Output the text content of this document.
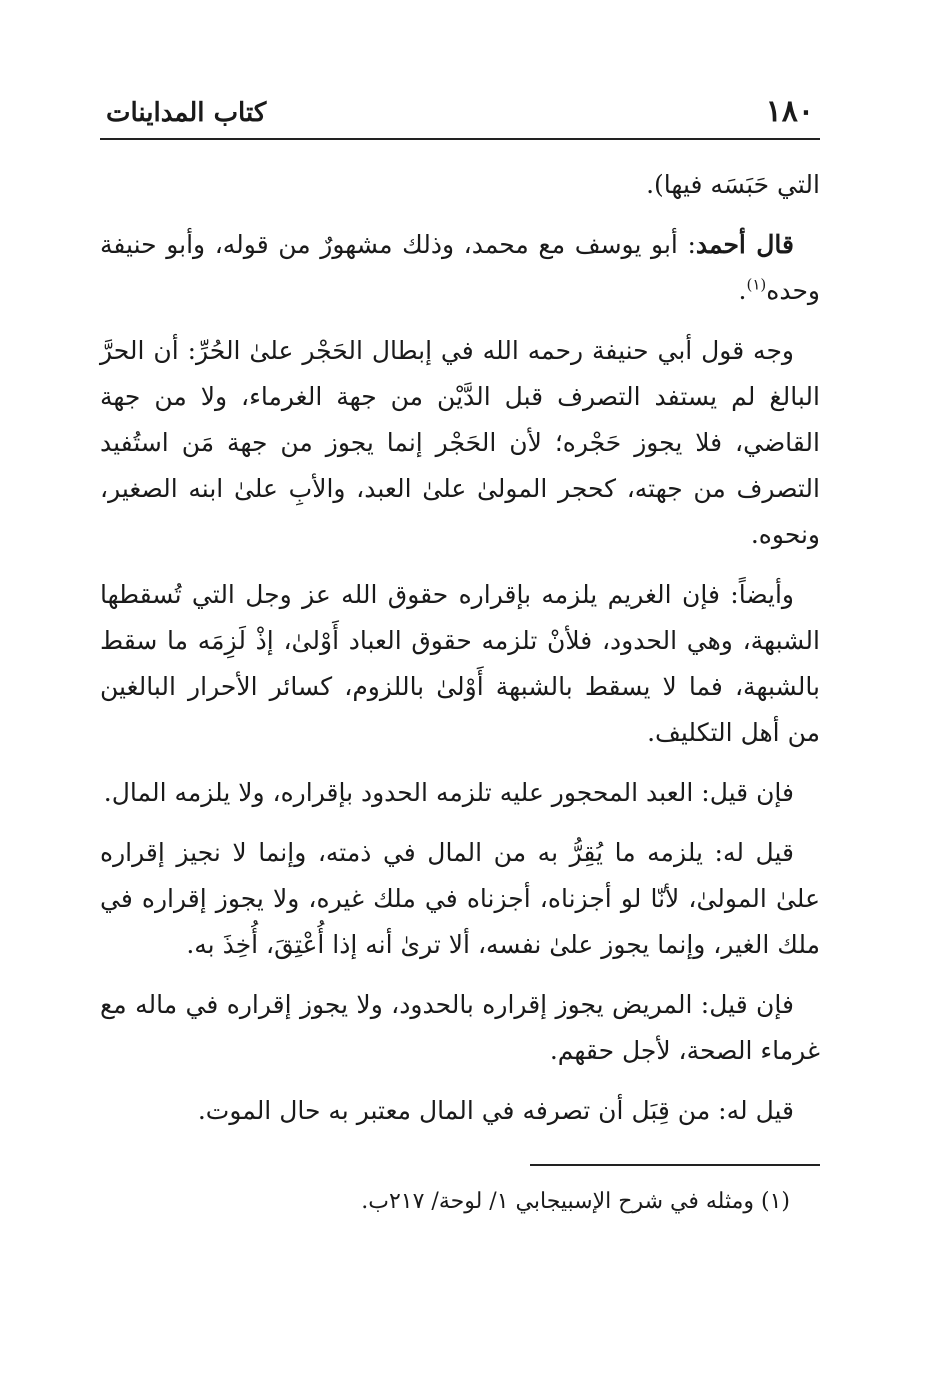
١٨٠
كتاب المداينات

التي حَبَسَه فيها).

قال أحمد: أبو يوسف مع محمد، وذلك مشهورٌ من قوله، وأبو حنيفة وحده$^{(١)}$.

وجه قول أبي حنيفة رحمه الله في إبطال الحَجْر علىٰ الحُرِّ: أن الحرَّ البالغ لم يستفد التصرف قبل الدَّيْن من جهة الغرماء، ولا من جهة القاضي، فلا يجوز حَجْره؛ لأن الحَجْر إنما يجوز من جهة مَن استُفيد التصرف من جهته، كحجر المولىٰ علىٰ العبد، والأبِ علىٰ ابنه الصغير، ونحوه.

وأيضاً: فإن الغريم يلزمه بإقراره حقوق الله عز وجل التي تُسقطها الشبهة، وهي الحدود، فلأنْ تلزمه حقوق العباد أَوْلىٰ، إذْ لَزِمَه ما سقط بالشبهة، فما لا يسقط بالشبهة أَوْلىٰ باللزوم، كسائر الأحرار البالغين من أهل التكليف.

فإن قيل: العبد المحجور عليه تلزمه الحدود بإقراره، ولا يلزمه المال.

قيل له: يلزمه ما يُقِرُّ به من المال في ذمته، وإنما لا نجيز إقراره علىٰ المولىٰ، لأنّا لو أجزناه، أجزناه في ملك غيره، ولا يجوز إقراره في ملك الغير، وإنما يجوز علىٰ نفسه، ألا ترىٰ أنه إذا أُعْتِقَ، أُخِذَ به.

فإن قيل: المريض يجوز إقراره بالحدود، ولا يجوز إقراره في ماله مع غرماء الصحة، لأجل حقهم.

قيل له: من قِبَل أن تصرفه في المال معتبر به حال الموت.

(١) ومثله في شرح الإسبيجابي ١/ لوحة/ ٢١٧ب.
